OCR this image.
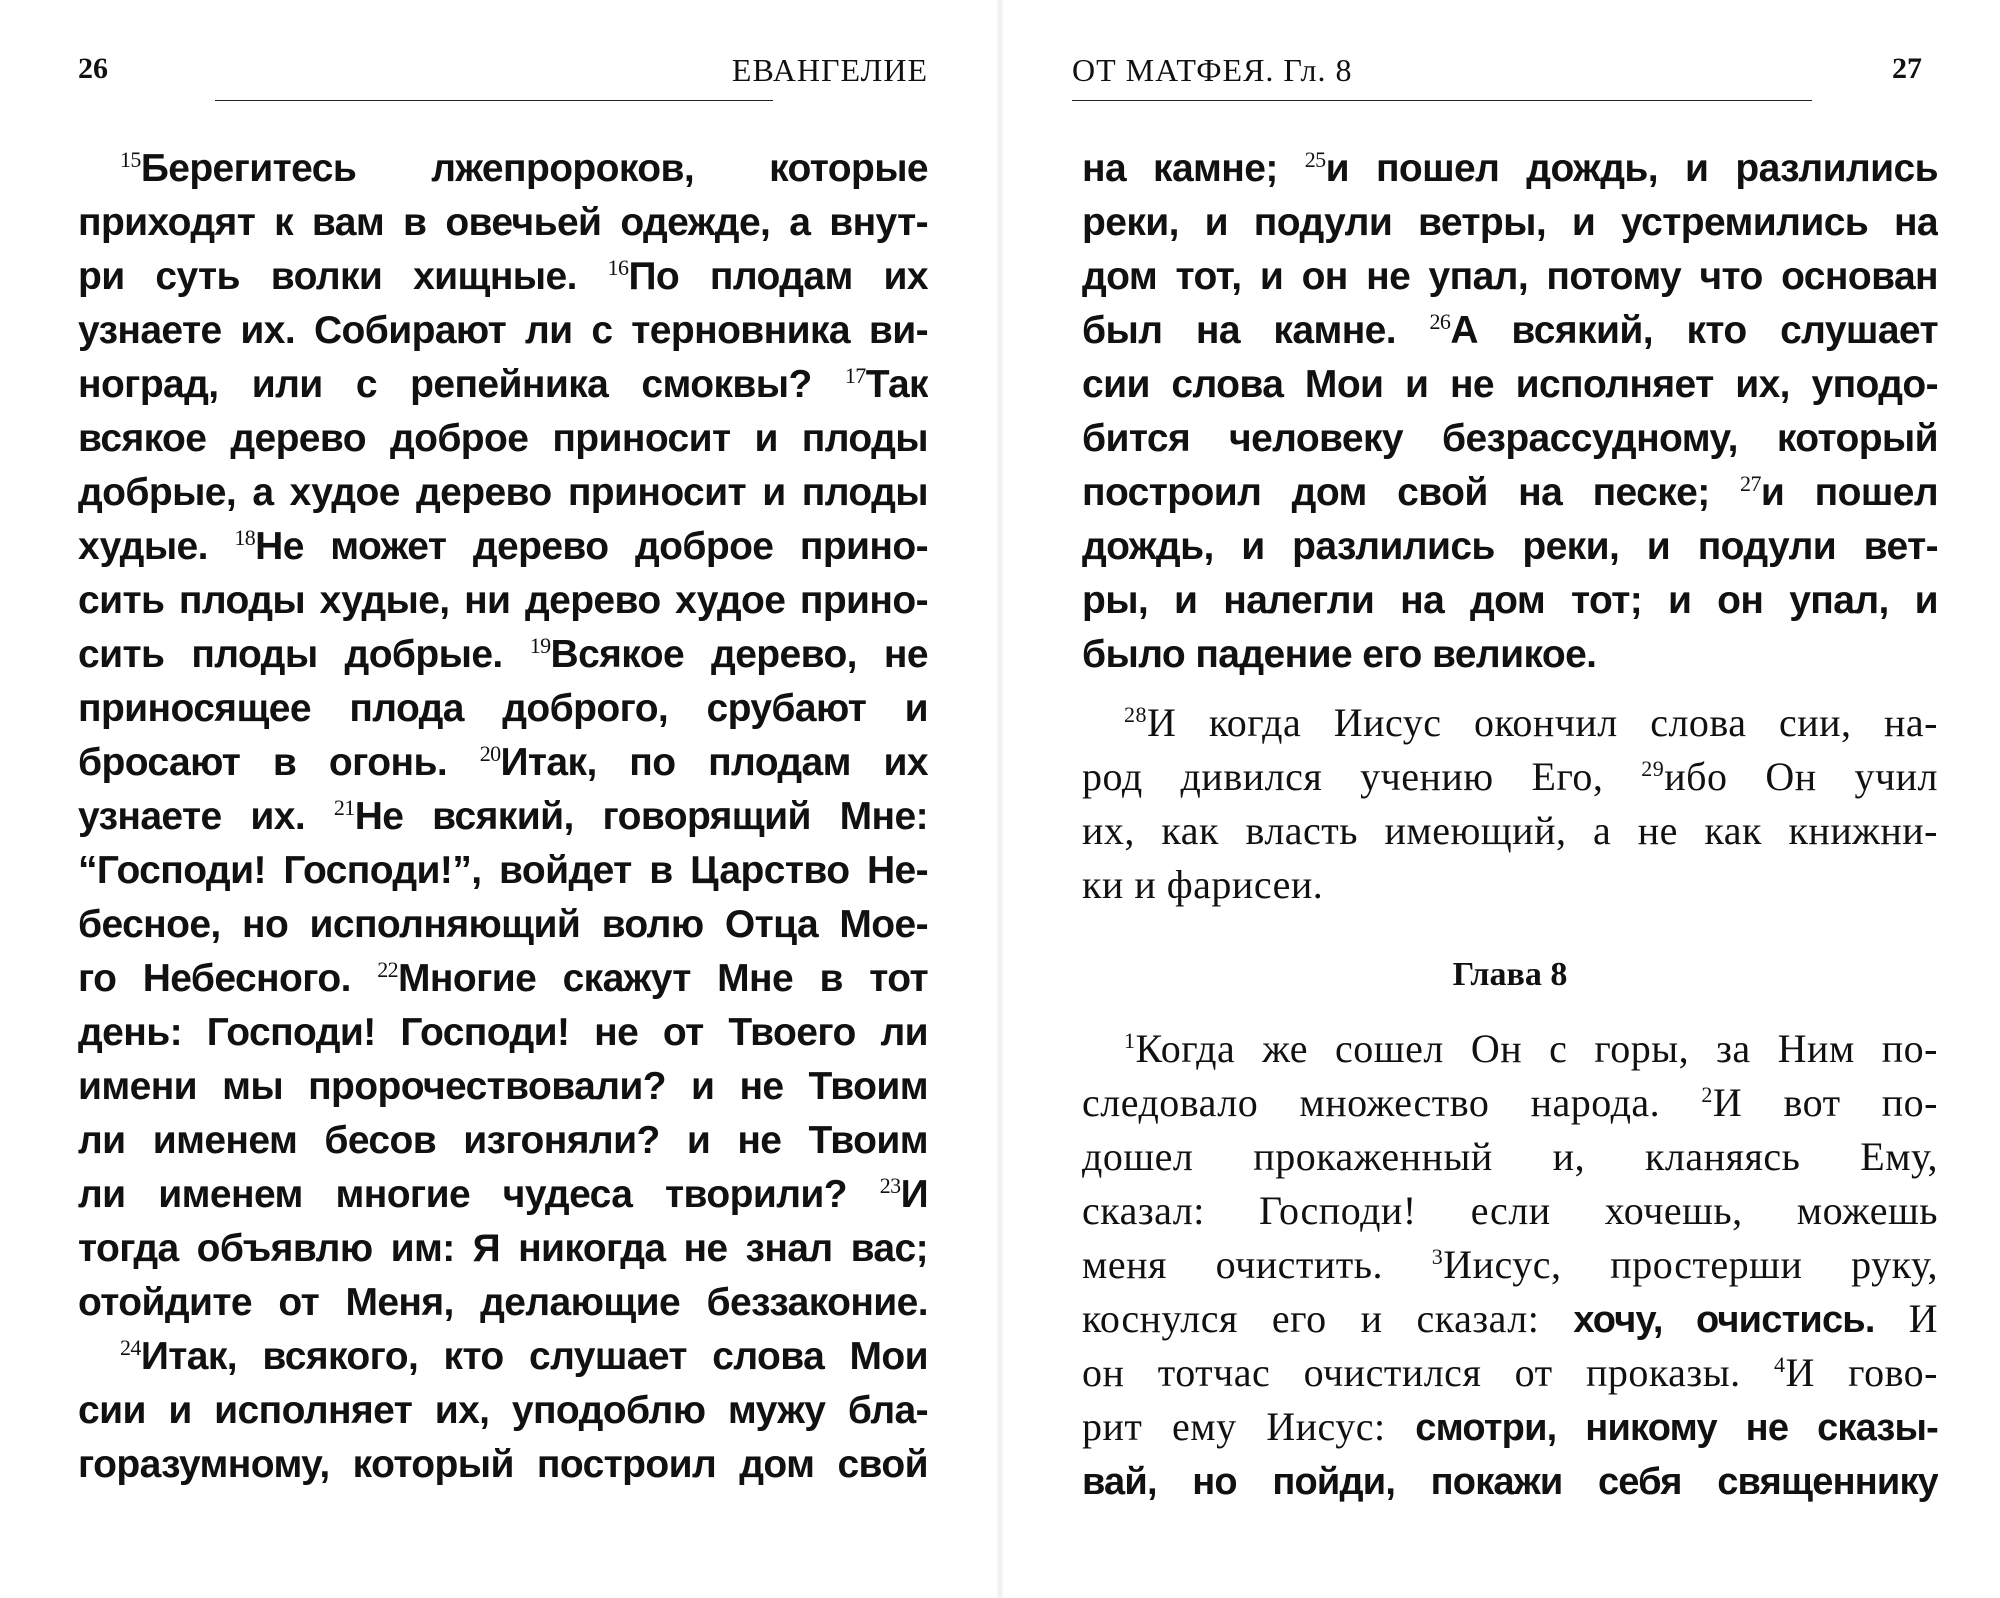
26	ЕВАНГЕЛИЕ
$^{15}$Берегитесь лжепророков, которые
приходят к вам в овечьей одежде, а внут-
ри суть волки хищные. $^{16}$По плодам их
узнаете их. Собирают ли с терновника ви-
ноград, или с репейника смоквы? $^{17}$Так
всякое дерево доброе приносит и плоды
добрые, а худое дерево приносит и плоды
худые. $^{18}$Не может дерево доброе прино-
сить плоды худые, ни дерево худое прино-
сить плоды добрые. $^{19}$Всякое дерево, не
приносящее плода доброго, срубают и
бросают в огонь. $^{20}$Итак, по плодам их
узнаете их. $^{21}$Не всякий, говорящий Мне:
“Господи! Господи!”, войдет в Царство Не-
бесное, но исполняющий волю Отца Мое-
го Небесного. $^{22}$Многие скажут Мне в тот
день: Господи! Господи! не от Твоего ли
имени мы пророчествовали? и не Твоим
ли именем бесов изгоняли? и не Твоим
ли именем многие чудеса творили? $^{23}$И
тогда объявлю им: Я никогда не знал вас;
отойдите от Меня, делающие беззаконие.
$^{24}$Итак, всякого, кто слушает слова Мои
сии и исполняет их, уподоблю мужу бла-
горазумному, который построил дом свой
27
ОТ МАТФЕЯ. Гл. 8
на камне; $^{25}$и пошел дождь, и разлились
реки, и подули ветры, и устремились на
дом тот, и он не упал, потому что основан
был на камне. $^{26}$А всякий, кто слушает
сии слова Мои и не исполняет их, уподо-
бится человеку безрассудному, который
построил дом свой на песке; $^{27}$и пошел
дождь, и разлились реки, и подули вет-
ры, и налегли на дом тот; и он упал, и
было падение его великое.
$^{28}$И когда Иисус окончил слова сии, на-
род дивился учению Его, $^{29}$ибо Он учил
их, как власть имеющий, а не как книжни-
ки и фарисеи.
Глава 8
$^1$Когда же сошел Он с горы, за Ним по-
следовало множество народа. $^2$И вот по-
дошел прокаженный и, кланяясь Ему,
сказал: Господи! если хочешь, можешь
меня очистить. $^3$Иисус, простерши руку,
коснулся его и сказал: хочу, очистись. И
он тотчас очистился от проказы. $^4$И гово-
рит ему Иисус: смотри, никому не сказы-
вай, но пойди, покажи себя священнику
